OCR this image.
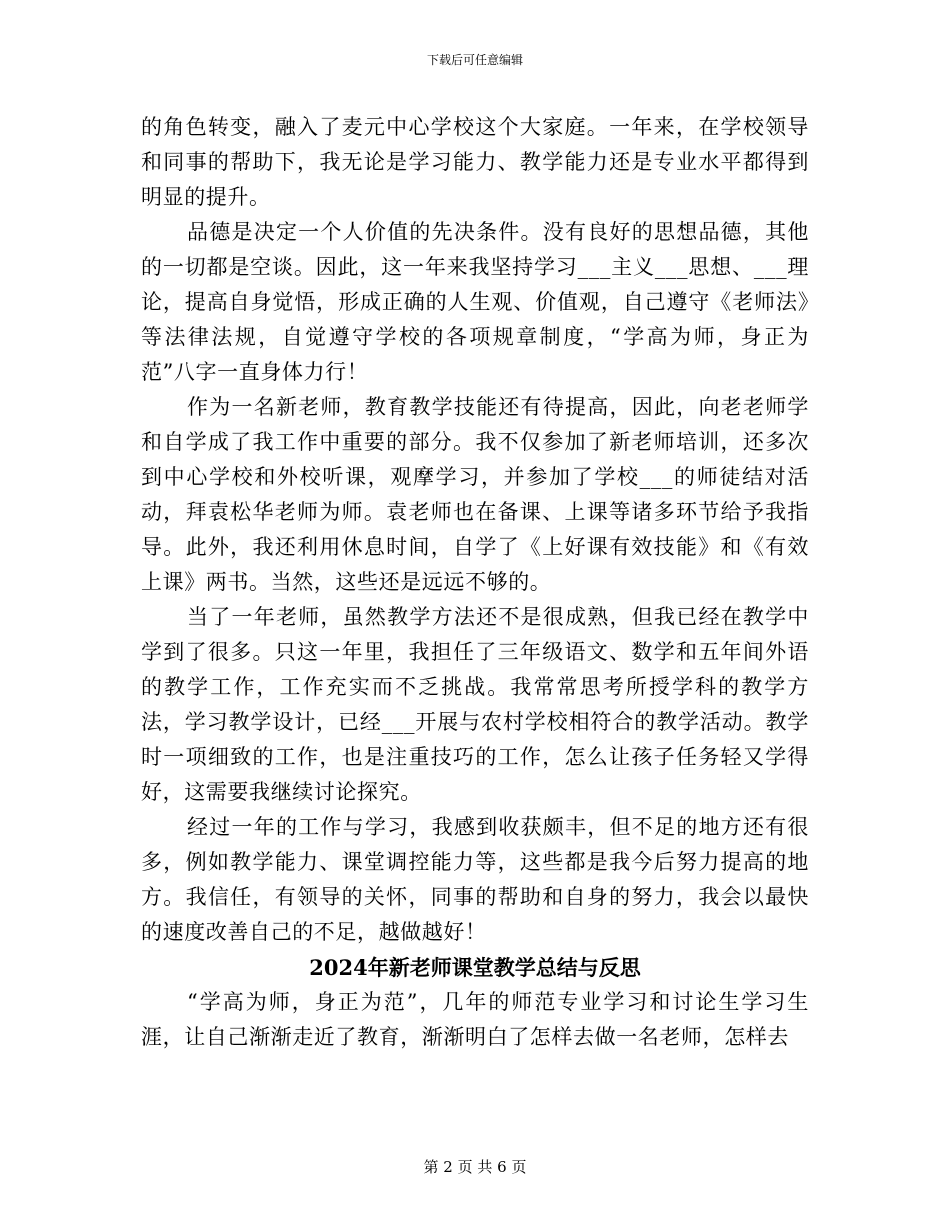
下载后可任意编辑

的角色转变，融入了麦元中心学校这个大家庭。一年来，在学校领导和同事的帮助下，我无论是学习能力、教学能力还是专业水平都得到明显的提升。

品德是决定一个人价值的先决条件。没有良好的思想品德，其他的一切都是空谈。因此，这一年来我坚持学习___主义___思想、___理论，提高自身觉悟，形成正确的人生观、价值观，自己遵守《老师法》等法律法规，自觉遵守学校的各项规章制度，“学高为师，身正为范”八字一直身体力行！

作为一名新老师，教育教学技能还有待提高，因此，向老老师学和自学成了我工作中重要的部分。我不仅参加了新老师培训，还多次到中心学校和外校听课，观摩学习，并参加了学校___的师徒结对活动，拜袁松华老师为师。袁老师也在备课、上课等诸多环节给予我指导。此外，我还利用休息时间，自学了《上好课有效技能》和《有效上课》两书。当然，这些还是远远不够的。

当了一年老师，虽然教学方法还不是很成熟，但我已经在教学中学到了很多。只这一年里，我担任了三年级语文、数学和五年间外语的教学工作，工作充实而不乏挑战。我常常思考所授学科的教学方法，学习教学设计，已经___开展与农村学校相符合的教学活动。教学时一项细致的工作，也是注重技巧的工作，怎么让孩子任务轻又学得好，这需要我继续讨论探究。

经过一年的工作与学习，我感到收获颇丰，但不足的地方还有很多，例如教学能力、课堂调控能力等，这些都是我今后努力提高的地方。我信任，有领导的关怀，同事的帮助和自身的努力，我会以最快的速度改善自己的不足，越做越好！

2024年新老师课堂教学总结与反思

“学高为师，身正为范”，几年的师范专业学习和讨论生学习生涯，让自己渐渐走近了教育，渐渐明白了怎样去做一名老师，怎样去

第 2 页 共 6 页
